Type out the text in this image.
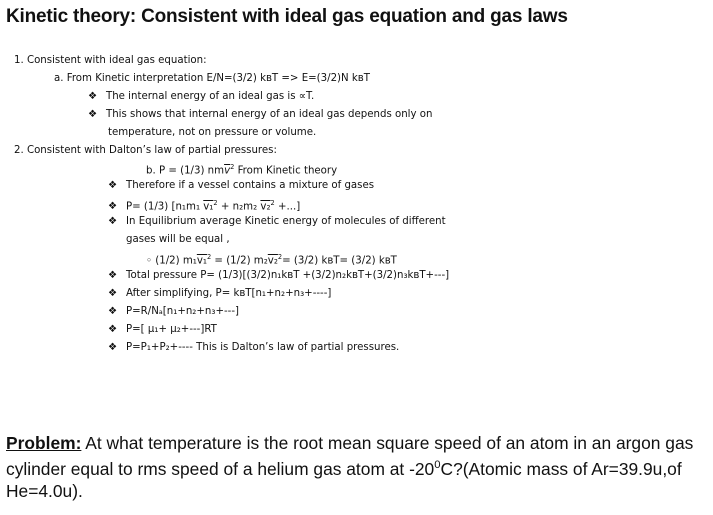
Kinetic theory: Consistent with ideal gas equation and gas laws
1. Consistent with ideal gas equation:
a. From Kinetic interpretation E/N=(3/2) kʙT => E=(3/2)N kʙT
❖ The internal energy of an ideal gas is ∝T.
❖ This shows that internal energy of an ideal gas depends only on
temperature, not on pressure or volume.
2. Consistent with Dalton’s law of partial pressures:
b. P = (1/3) $nm\overline{v}^2$ From Kinetic theory
❖ Therefore if a vessel contains a mixture of gases
❖ P= (1/3) [n₁m₁ v₁$^2$ + n₂m₂ v₂$^2$ +...]
❖ In Equilibrium average Kinetic energy of molecules of different
gases will be equal ,
◦ (1/2) m₁v₁$^2$ = (1/2) m₂v₂$^2$= (3/2) kʙT= (3/2) kʙT
❖ Total pressure P= (1/3)[(3/2)n₁kʙT +(3/2)n₂kʙT+(3/2)n₃kʙT+---]
❖ After simplifying, P= kʙT[n₁+n₂+n₃+----]
❖ P=R/Nₐ[n₁+n₂+n₃+---]
❖ P=[ μ₁+ μ₂+---]RT
❖ P=P₁+P₂+---- This is Dalton’s law of partial pressures.
Problem: At what temperature is the root mean square speed of an atom in an argon gas cylinder equal to rms speed of a helium gas atom at $-20^0C?(Atomic$ mass of Ar=39.9u,of He=4.0u).
